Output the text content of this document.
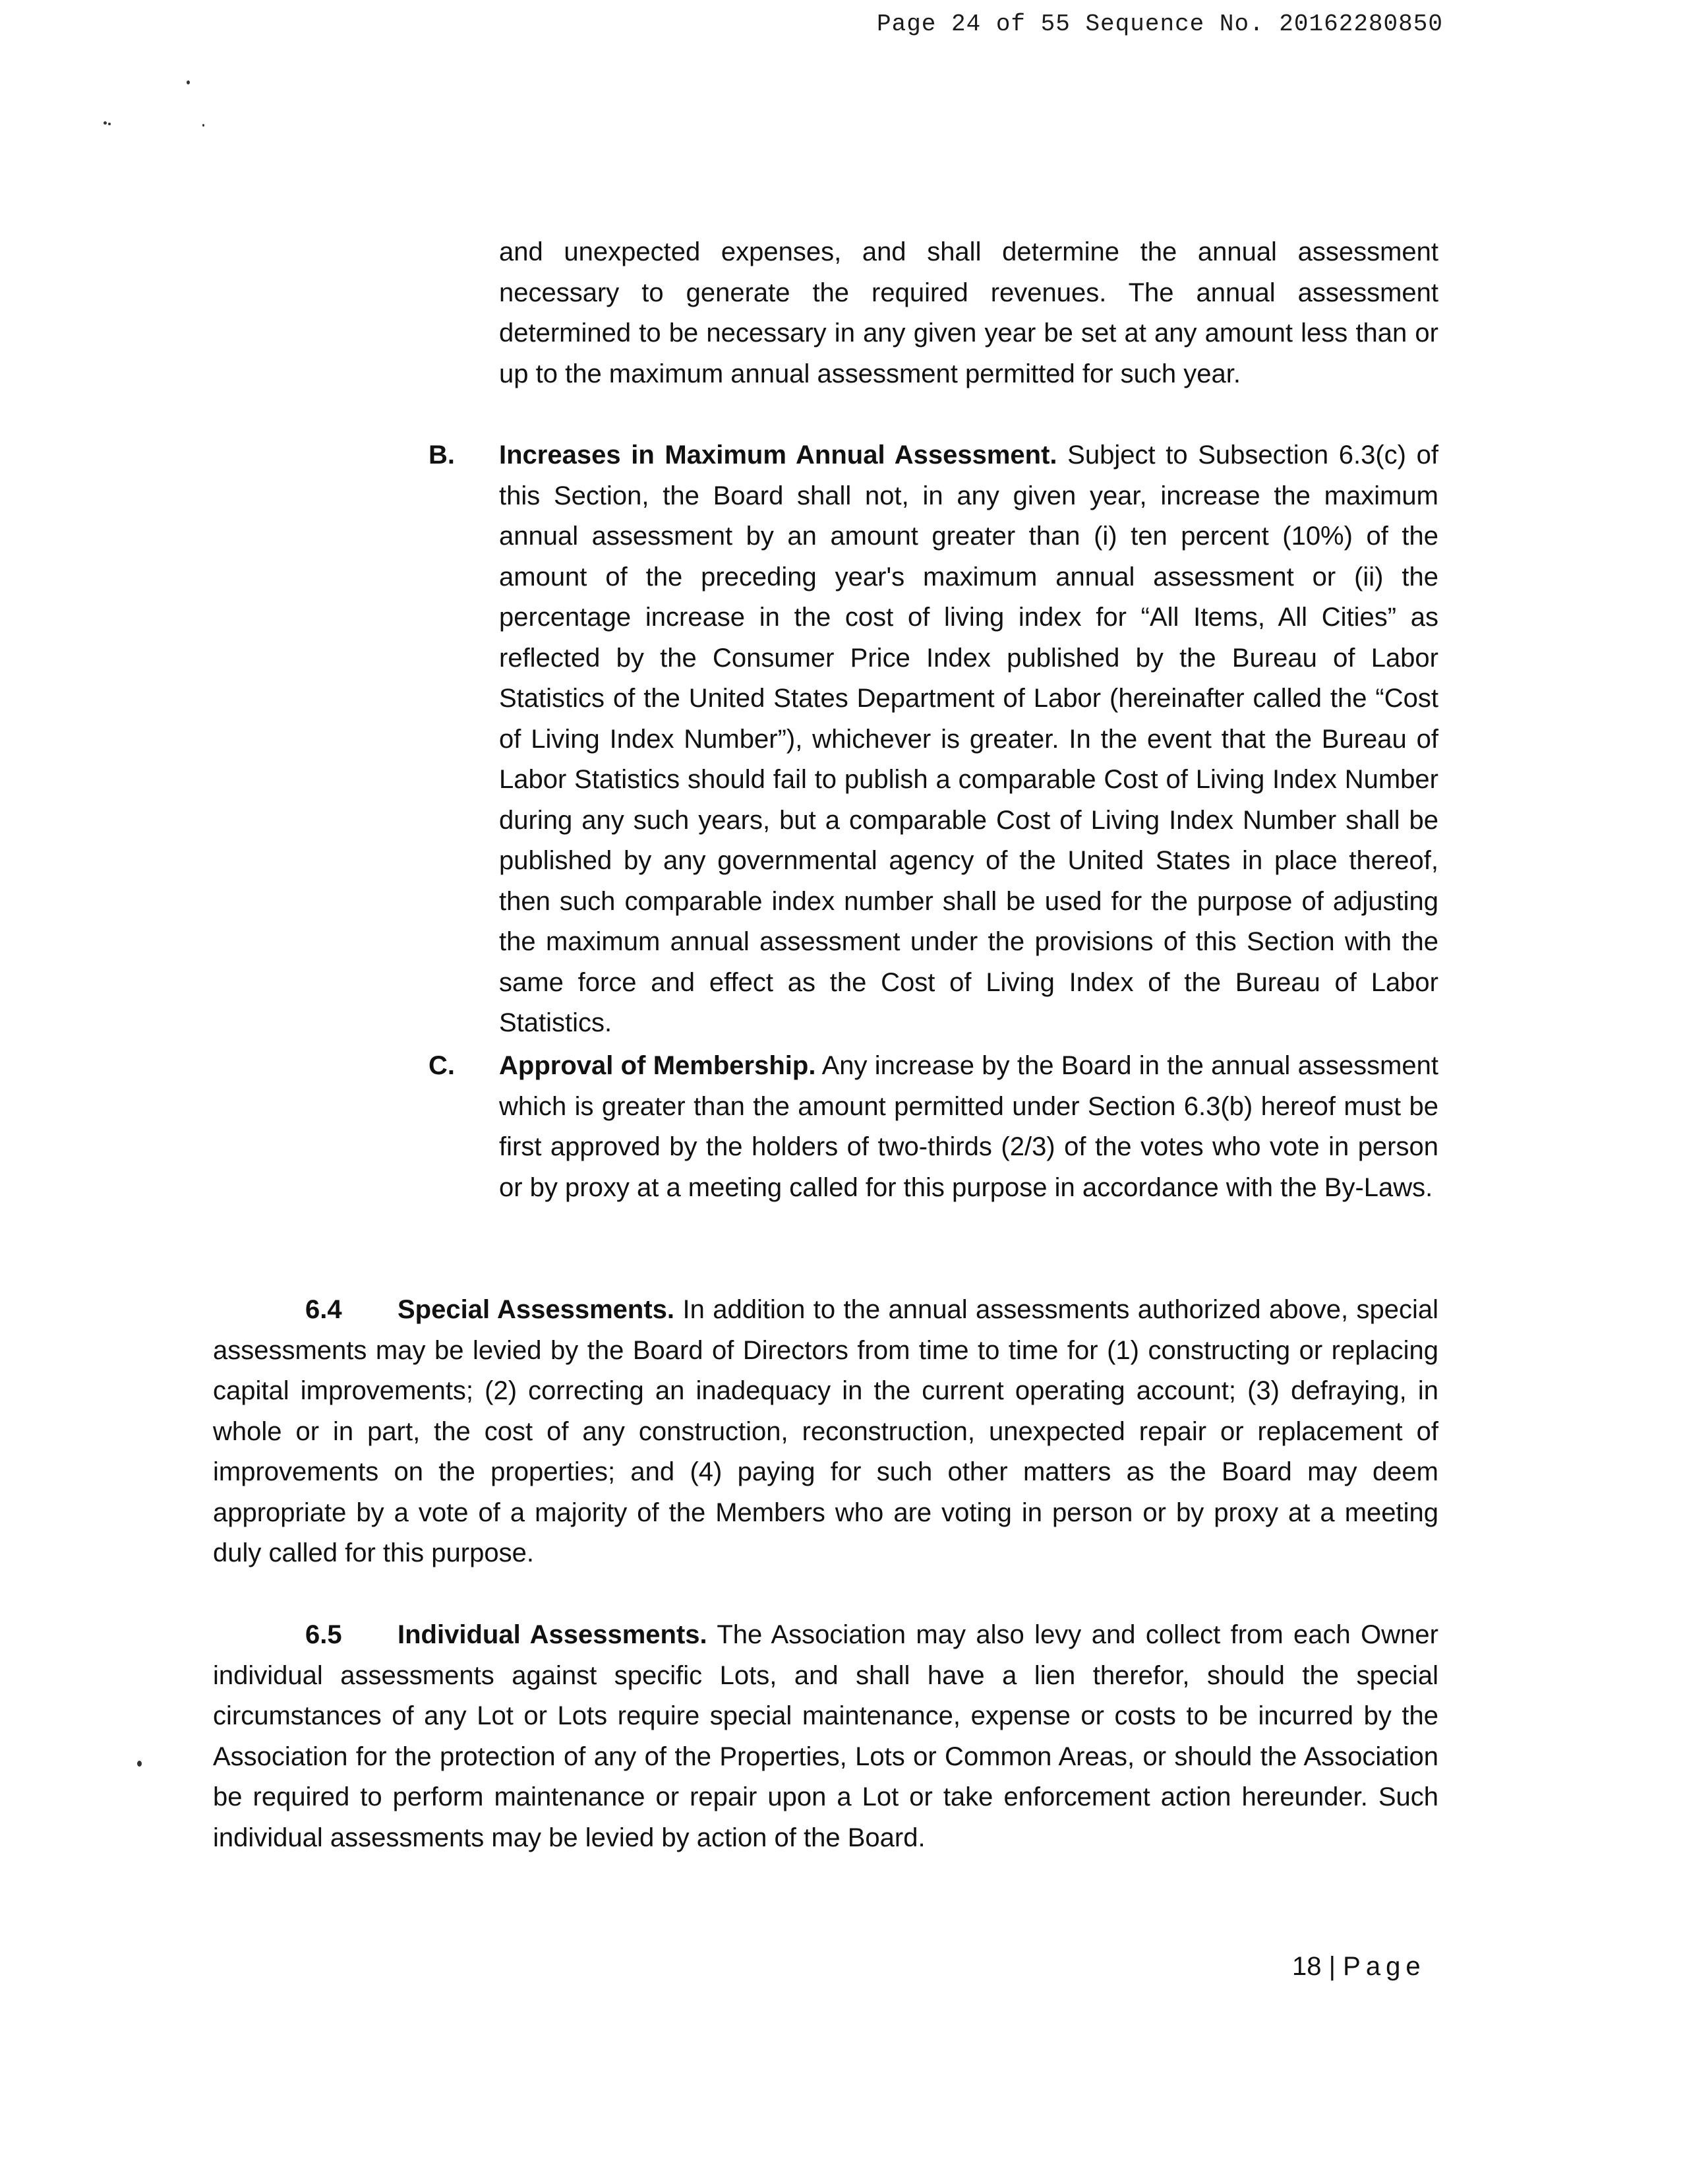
Page 24 of 55 Sequence No. 20162280850
and unexpected expenses, and shall determine the annual assessment necessary to generate the required revenues. The annual assessment determined to be necessary in any given year be set at any amount less than or up to the maximum annual assessment permitted for such year.
B. Increases in Maximum Annual Assessment. Subject to Subsection 6.3(c) of this Section, the Board shall not, in any given year, increase the maximum annual assessment by an amount greater than (i) ten percent (10%) of the amount of the preceding year's maximum annual assessment or (ii) the percentage increase in the cost of living index for “All Items, All Cities” as reflected by the Consumer Price Index published by the Bureau of Labor Statistics of the United States Department of Labor (hereinafter called the “Cost of Living Index Number”), whichever is greater. In the event that the Bureau of Labor Statistics should fail to publish a comparable Cost of Living Index Number during any such years, but a comparable Cost of Living Index Number shall be published by any governmental agency of the United States in place thereof, then such comparable index number shall be used for the purpose of adjusting the maximum annual assessment under the provisions of this Section with the same force and effect as the Cost of Living Index of the Bureau of Labor Statistics.
C. Approval of Membership. Any increase by the Board in the annual assessment which is greater than the amount permitted under Section 6.3(b) hereof must be first approved by the holders of two-thirds (2/3) of the votes who vote in person or by proxy at a meeting called for this purpose in accordance with the By-Laws.
6.4 Special Assessments. In addition to the annual assessments authorized above, special assessments may be levied by the Board of Directors from time to time for (1) constructing or replacing capital improvements; (2) correcting an inadequacy in the current operating account; (3) defraying, in whole or in part, the cost of any construction, reconstruction, unexpected repair or replacement of improvements on the properties; and (4) paying for such other matters as the Board may deem appropriate by a vote of a majority of the Members who are voting in person or by proxy at a meeting duly called for this purpose.
6.5 Individual Assessments. The Association may also levy and collect from each Owner individual assessments against specific Lots, and shall have a lien therefor, should the special circumstances of any Lot or Lots require special maintenance, expense or costs to be incurred by the Association for the protection of any of the Properties, Lots or Common Areas, or should the Association be required to perform maintenance or repair upon a Lot or take enforcement action hereunder. Such individual assessments may be levied by action of the Board.
18 | Page
